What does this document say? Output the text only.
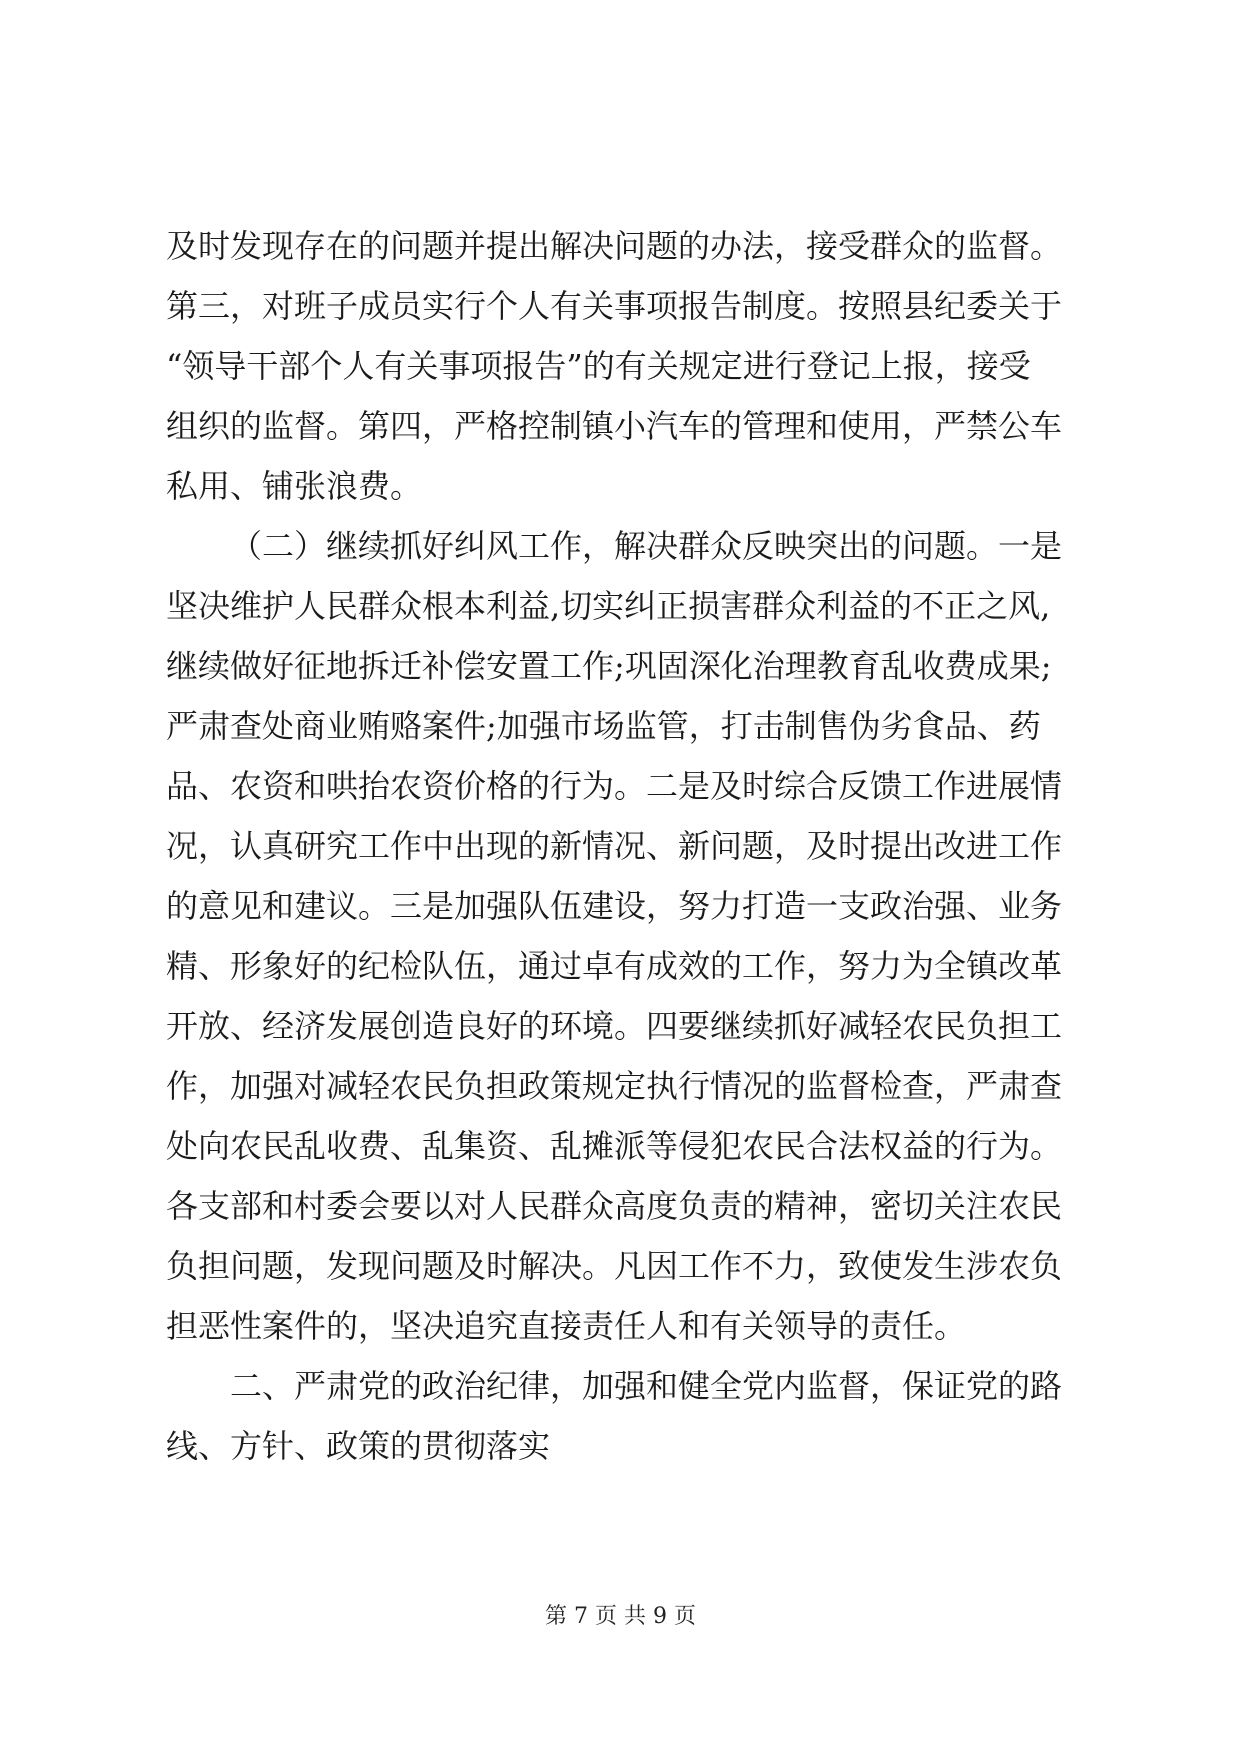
及时发现存在的问题并提出解决问题的办法，接受群众的监督。
第三，对班子成员实行个人有关事项报告制度。按照县纪委关于
“领导干部个人有关事项报告”的有关规定进行登记上报，接受
组织的监督。第四，严格控制镇小汽车的管理和使用，严禁公车
私用、铺张浪费。
（二）继续抓好纠风工作，解决群众反映突出的问题。一是
坚决维护人民群众根本利益,切实纠正损害群众利益的不正之风,
继续做好征地拆迁补偿安置工作;巩固深化治理教育乱收费成果;
严肃查处商业贿赂案件;加强市场监管，打击制售伪劣食品、药
品、农资和哄抬农资价格的行为。二是及时综合反馈工作进展情
况，认真研究工作中出现的新情况、新问题，及时提出改进工作
的意见和建议。三是加强队伍建设，努力打造一支政治强、业务
精、形象好的纪检队伍，通过卓有成效的工作，努力为全镇改革
开放、经济发展创造良好的环境。四要继续抓好减轻农民负担工
作，加强对减轻农民负担政策规定执行情况的监督检查，严肃查
处向农民乱收费、乱集资、乱摊派等侵犯农民合法权益的行为。
各支部和村委会要以对人民群众高度负责的精神，密切关注农民
负担问题，发现问题及时解决。凡因工作不力，致使发生涉农负
担恶性案件的，坚决追究直接责任人和有关领导的责任。
二、严肃党的政治纪律，加强和健全党内监督，保证党的路
线、方针、政策的贯彻落实
第 7 页 共 9 页
